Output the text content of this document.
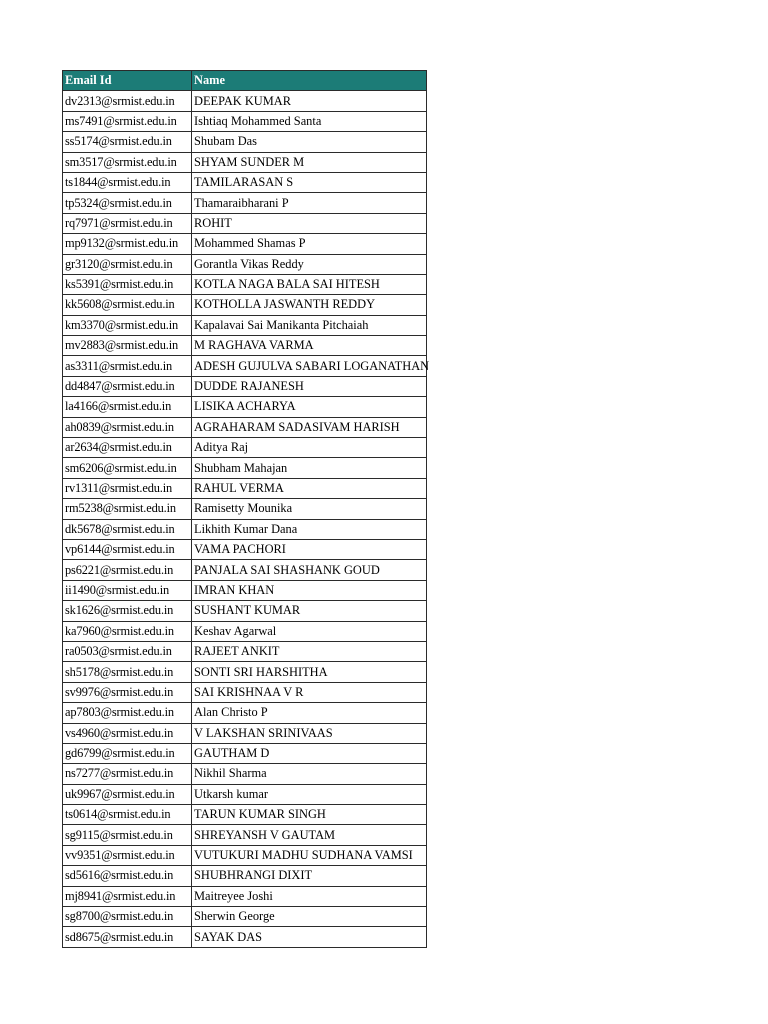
Email Id	Name
dv2313@srmist.edu.in	DEEPAK KUMAR
ms7491@srmist.edu.in	Ishtiaq Mohammed Santa
ss5174@srmist.edu.in	Shubam Das
sm3517@srmist.edu.in	SHYAM SUNDER M
ts1844@srmist.edu.in	TAMILARASAN S
tp5324@srmist.edu.in	Thamaraibharani P
rq7971@srmist.edu.in	ROHIT
mp9132@srmist.edu.in	Mohammed Shamas P
gr3120@srmist.edu.in	Gorantla Vikas Reddy
ks5391@srmist.edu.in	KOTLA NAGA BALA SAI HITESH
kk5608@srmist.edu.in	KOTHOLLA JASWANTH REDDY
km3370@srmist.edu.in	Kapalavai Sai Manikanta Pitchaiah
mv2883@srmist.edu.in	M RAGHAVA VARMA
as3311@srmist.edu.in	ADESH GUJULVA SABARI LOGANATHAN
dd4847@srmist.edu.in	DUDDE RAJANESH
la4166@srmist.edu.in	LISIKA ACHARYA
ah0839@srmist.edu.in	AGRAHARAM SADASIVAM HARISH
ar2634@srmist.edu.in	Aditya Raj
sm6206@srmist.edu.in	Shubham Mahajan
rv1311@srmist.edu.in	RAHUL VERMA
rm5238@srmist.edu.in	Ramisetty Mounika
dk5678@srmist.edu.in	Likhith Kumar Dana
vp6144@srmist.edu.in	VAMA PACHORI
ps6221@srmist.edu.in	PANJALA SAI SHASHANK GOUD
ii1490@srmist.edu.in	IMRAN KHAN
sk1626@srmist.edu.in	SUSHANT KUMAR
ka7960@srmist.edu.in	Keshav Agarwal
ra0503@srmist.edu.in	RAJEET ANKIT
sh5178@srmist.edu.in	SONTI SRI HARSHITHA
sv9976@srmist.edu.in	SAI KRISHNAA V R
ap7803@srmist.edu.in	Alan Christo P
vs4960@srmist.edu.in	V LAKSHAN SRINIVAAS
gd6799@srmist.edu.in	GAUTHAM D
ns7277@srmist.edu.in	Nikhil Sharma
uk9967@srmist.edu.in	Utkarsh kumar
ts0614@srmist.edu.in	TARUN KUMAR SINGH
sg9115@srmist.edu.in	SHREYANSH V GAUTAM
vv9351@srmist.edu.in	VUTUKURI MADHU SUDHANA VAMSI
sd5616@srmist.edu.in	SHUBHRANGI DIXIT
mj8941@srmist.edu.in	Maitreyee Joshi
sg8700@srmist.edu.in	Sherwin George
sd8675@srmist.edu.in	SAYAK DAS
